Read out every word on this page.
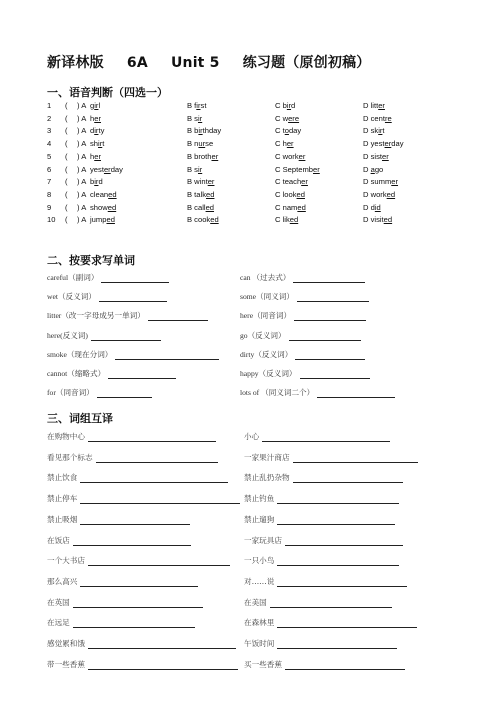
新译林版 6A Unit 5 练习题（原创初稿）
一、语音判断（四选一）
1 ( ) A girl	B first	C bird	D litter
2 ( ) A her	B sir	C were	D centre
3 ( ) A dirty	B birthday	C today	D skirt
4 ( ) A shirt	B nurse	C her	D yesterday
5 ( ) A her	B brother	C worker	D sister
6 ( ) A yesterday	B sir	C September	D ago
7 ( ) A bird	B winter	C teacher	D summer
8 ( ) A cleaned	B talked	C looked	D worked
9 ( ) A showed	B called	C named	D did
10 ( ) A jumped	B cooked	C liked	D visited
二、按要求写单词
careful（副词）	can （过去式）
wet（反义词）	some（同义词）
litter（改一字母成另一单词）	here（同音词）
here(反义词)	go（反义词）
smoke（现在分词）	dirty（反义词）
cannot（缩略式）	happy（反义词）
for（同音词）	lots of （同义词二个）
三、词组互译
在购物中心	小心
看见那个标志	一家果汁商店
禁止饮食	禁止乱扔杂物
禁止停车	禁止钓鱼
禁止吸烟	禁止遛狗
在饭店	一家玩具店
一个大书店	一只小鸟
那么高兴	对……说
在英国	在美国
在远足	在森林里
感觉累和饿	午饭时间
带一些香蕉	买一些香蕉
